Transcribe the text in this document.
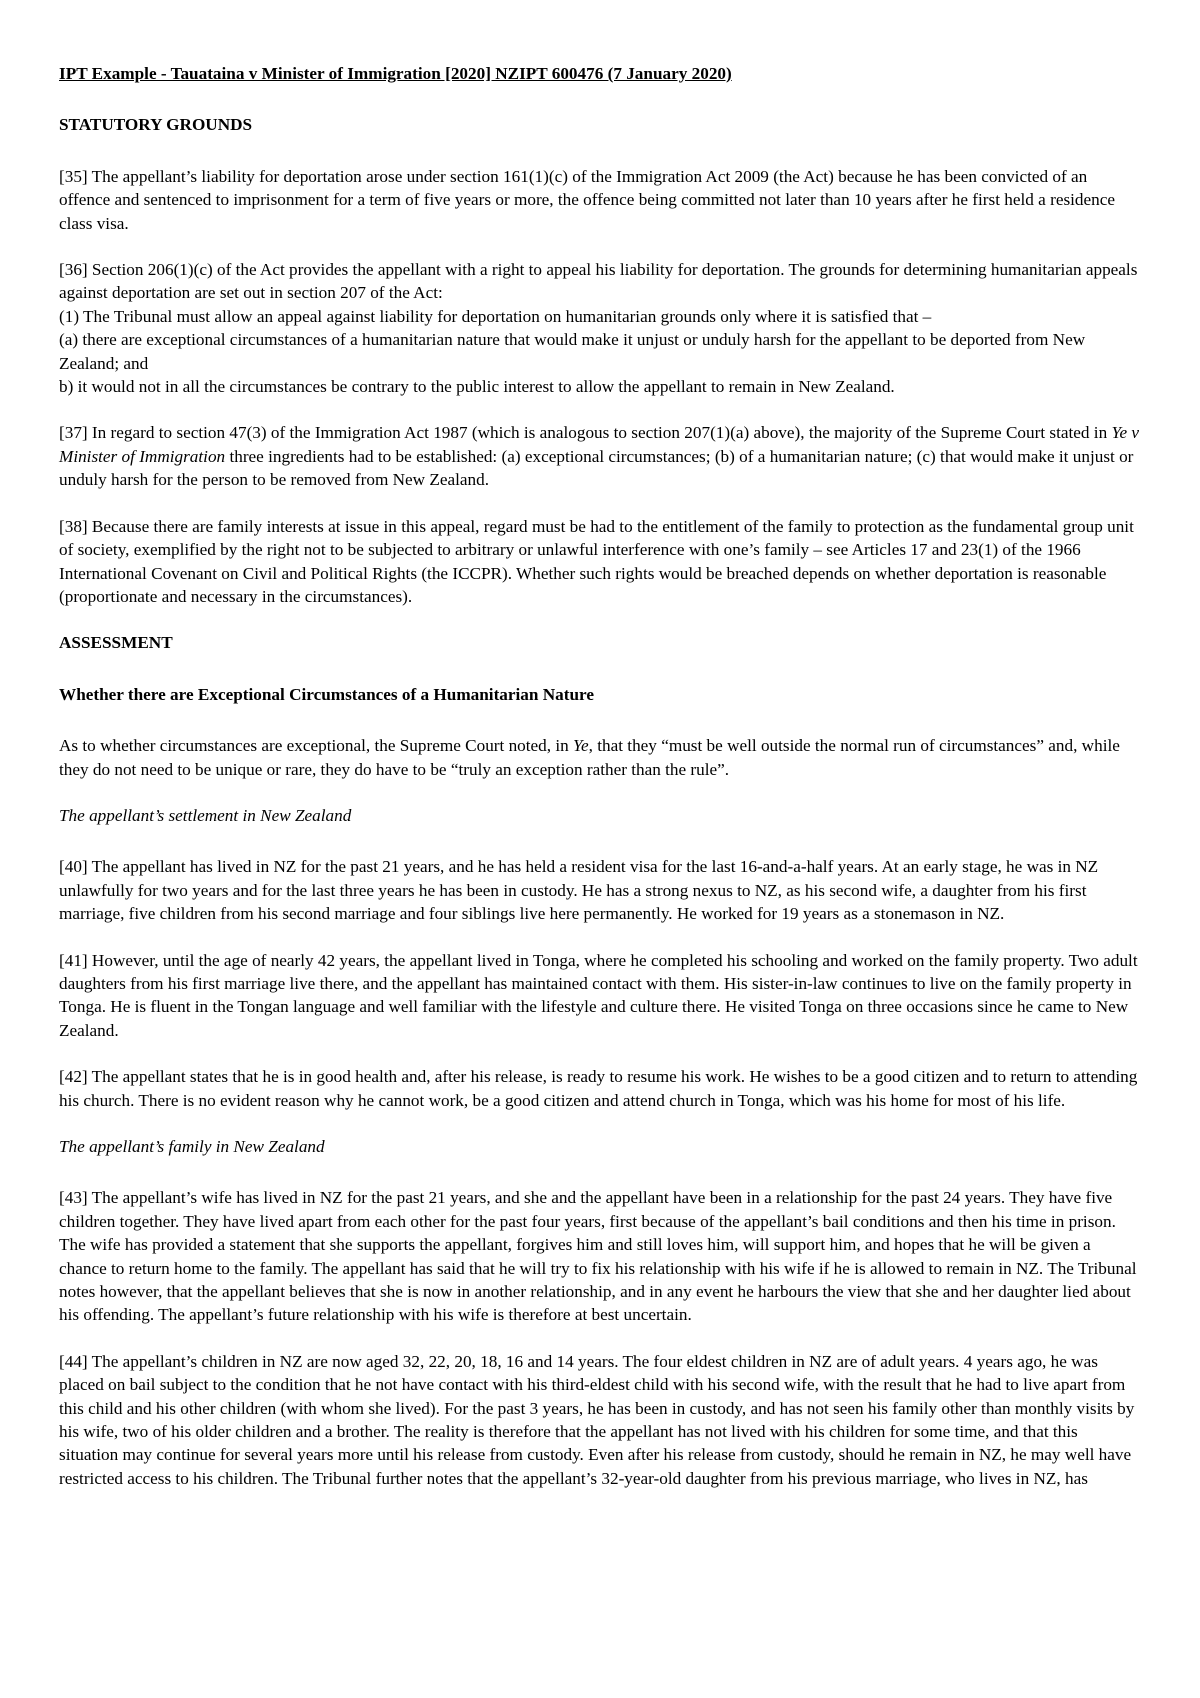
IPT Example - Tauataina v Minister of Immigration [2020] NZIPT 600476 (7 January 2020)

STATUTORY GROUNDS

[35] The appellant’s liability for deportation arose under section 161(1)(c) of the Immigration Act 2009 (the Act) because he has been convicted of an offence and sentenced to imprisonment for a term of five years or more, the offence being committed not later than 10 years after he first held a residence class visa.

[36] Section 206(1)(c) of the Act provides the appellant with a right to appeal his liability for deportation. The grounds for determining humanitarian appeals against deportation are set out in section 207 of the Act:
(1) The Tribunal must allow an appeal against liability for deportation on humanitarian grounds only where it is satisfied that –
(a) there are exceptional circumstances of a humanitarian nature that would make it unjust or unduly harsh for the appellant to be deported from New Zealand; and
b) it would not in all the circumstances be contrary to the public interest to allow the appellant to remain in New Zealand.

[37] In regard to section 47(3) of the Immigration Act 1987 (which is analogous to section 207(1)(a) above), the majority of the Supreme Court stated in Ye v Minister of Immigration three ingredients had to be established: (a) exceptional circumstances; (b) of a humanitarian nature; (c) that would make it unjust or unduly harsh for the person to be removed from New Zealand.

[38] Because there are family interests at issue in this appeal, regard must be had to the entitlement of the family to protection as the fundamental group unit of society, exemplified by the right not to be subjected to arbitrary or unlawful interference with one’s family – see Articles 17 and 23(1) of the 1966 International Covenant on Civil and Political Rights (the ICCPR). Whether such rights would be breached depends on whether deportation is reasonable (proportionate and necessary in the circumstances).

ASSESSMENT

Whether there are Exceptional Circumstances of a Humanitarian Nature

As to whether circumstances are exceptional, the Supreme Court noted, in Ye, that they “must be well outside the normal run of circumstances” and, while they do not need to be unique or rare, they do have to be “truly an exception rather than the rule”.

The appellant’s settlement in New Zealand

[40] The appellant has lived in NZ for the past 21 years, and he has held a resident visa for the last 16-and-a-half years. At an early stage, he was in NZ unlawfully for two years and for the last three years he has been in custody. He has a strong nexus to NZ, as his second wife, a daughter from his first marriage, five children from his second marriage and four siblings live here permanently. He worked for 19 years as a stonemason in NZ.

[41] However, until the age of nearly 42 years, the appellant lived in Tonga, where he completed his schooling and worked on the family property. Two adult daughters from his first marriage live there, and the appellant has maintained contact with them. His sister-in-law continues to live on the family property in Tonga. He is fluent in the Tongan language and well familiar with the lifestyle and culture there. He visited Tonga on three occasions since he came to New Zealand.

[42] The appellant states that he is in good health and, after his release, is ready to resume his work. He wishes to be a good citizen and to return to attending his church. There is no evident reason why he cannot work, be a good citizen and attend church in Tonga, which was his home for most of his life.

The appellant’s family in New Zealand

[43] The appellant’s wife has lived in NZ for the past 21 years, and she and the appellant have been in a relationship for the past 24 years. They have five children together. They have lived apart from each other for the past four years, first because of the appellant’s bail conditions and then his time in prison. The wife has provided a statement that she supports the appellant, forgives him and still loves him, will support him, and hopes that he will be given a chance to return home to the family. The appellant has said that he will try to fix his relationship with his wife if he is allowed to remain in NZ. The Tribunal notes however, that the appellant believes that she is now in another relationship, and in any event he harbours the view that she and her daughter lied about his offending. The appellant’s future relationship with his wife is therefore at best uncertain.

[44] The appellant’s children in NZ are now aged 32, 22, 20, 18, 16 and 14 years. The four eldest children in NZ are of adult years. 4 years ago, he was placed on bail subject to the condition that he not have contact with his third-eldest child with his second wife, with the result that he had to live apart from this child and his other children (with whom she lived). For the past 3 years, he has been in custody, and has not seen his family other than monthly visits by his wife, two of his older children and a brother. The reality is therefore that the appellant has not lived with his children for some time, and that this situation may continue for several years more until his release from custody. Even after his release from custody, should he remain in NZ, he may well have restricted access to his children. The Tribunal further notes that the appellant’s 32-year-old daughter from his previous marriage, who lives in NZ, has
